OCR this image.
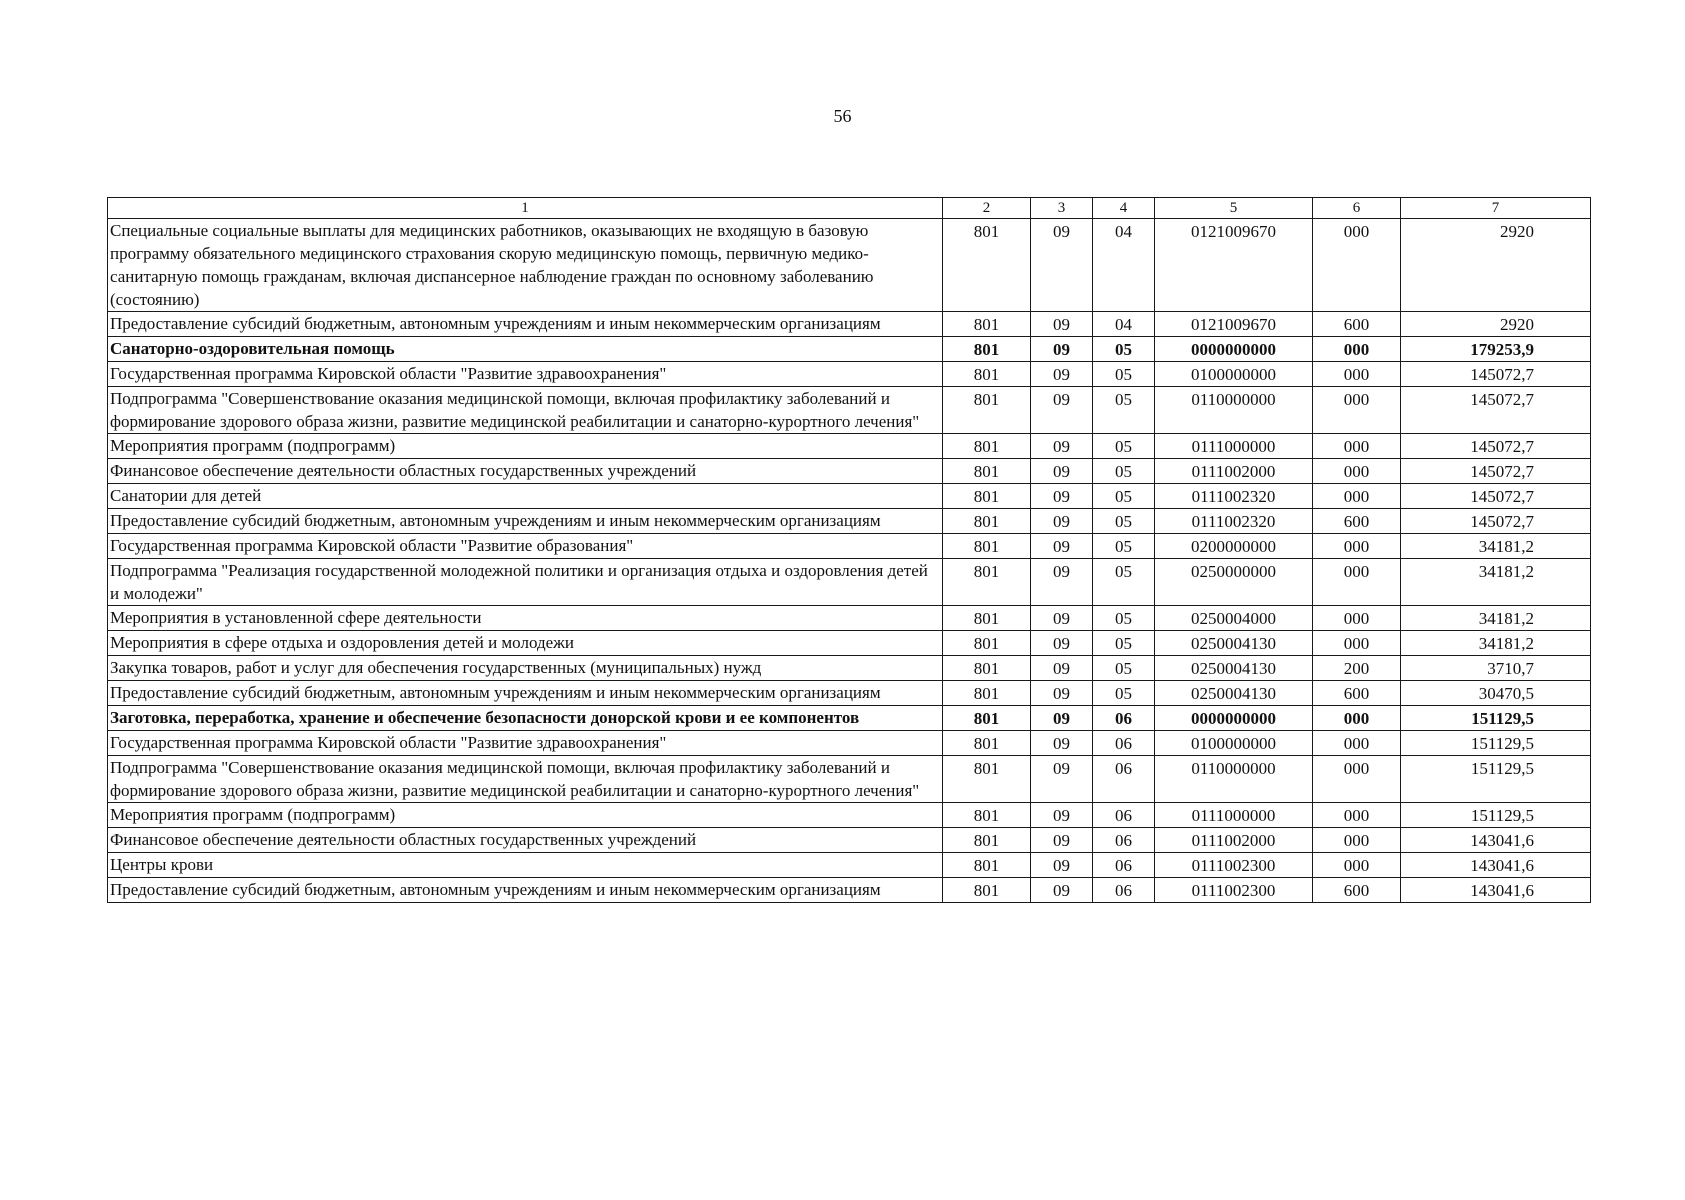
56
1	2	3	4	5	6	7
Специальные социальные выплаты для медицинских работников, оказывающих не входящую в базовую программу обязательного медицинского страхования скорую медицинскую помощь, первичную медико-санитарную помощь гражданам, включая диспансерное наблюдение граждан по основному заболеванию (состоянию)	801	09	04	0121009670	000	2920
Предоставление субсидий бюджетным, автономным учреждениям и иным некоммерческим организациям	801	09	04	0121009670	600	2920
Санаторно-оздоровительная помощь	801	09	05	0000000000	000	179253,9
Государственная программа Кировской области "Развитие здравоохранения"	801	09	05	0100000000	000	145072,7
Подпрограмма "Совершенствование оказания медицинской помощи, включая профилактику заболеваний и формирование здорового образа жизни, развитие медицинской реабилитации и санаторно-курортного лечения"	801	09	05	0110000000	000	145072,7
Мероприятия программ (подпрограмм)	801	09	05	0111000000	000	145072,7
Финансовое обеспечение деятельности областных государственных учреждений	801	09	05	0111002000	000	145072,7
Санатории для детей	801	09	05	0111002320	000	145072,7
Предоставление субсидий бюджетным, автономным учреждениям и иным некоммерческим организациям	801	09	05	0111002320	600	145072,7
Государственная программа Кировской области "Развитие образования"	801	09	05	0200000000	000	34181,2
Подпрограмма "Реализация государственной молодежной политики и организация отдыха и оздоровления детей и молодежи"	801	09	05	0250000000	000	34181,2
Мероприятия в установленной сфере деятельности	801	09	05	0250004000	000	34181,2
Мероприятия в сфере отдыха и оздоровления детей и молодежи	801	09	05	0250004130	000	34181,2
Закупка товаров, работ и услуг для обеспечения государственных (муниципальных) нужд	801	09	05	0250004130	200	3710,7
Предоставление субсидий бюджетным, автономным учреждениям и иным некоммерческим организациям	801	09	05	0250004130	600	30470,5
Заготовка, переработка, хранение и обеспечение безопасности донорской крови и ее компонентов	801	09	06	0000000000	000	151129,5
Государственная программа Кировской области "Развитие здравоохранения"	801	09	06	0100000000	000	151129,5
Подпрограмма "Совершенствование оказания медицинской помощи, включая профилактику заболеваний и формирование здорового образа жизни, развитие медицинской реабилитации и санаторно-курортного лечения"	801	09	06	0110000000	000	151129,5
Мероприятия программ (подпрограмм)	801	09	06	0111000000	000	151129,5
Финансовое обеспечение деятельности областных государственных учреждений	801	09	06	0111002000	000	143041,6
Центры крови	801	09	06	0111002300	000	143041,6
Предоставление субсидий бюджетным, автономным учреждениям и иным некоммерческим организациям	801	09	06	0111002300	600	143041,6
